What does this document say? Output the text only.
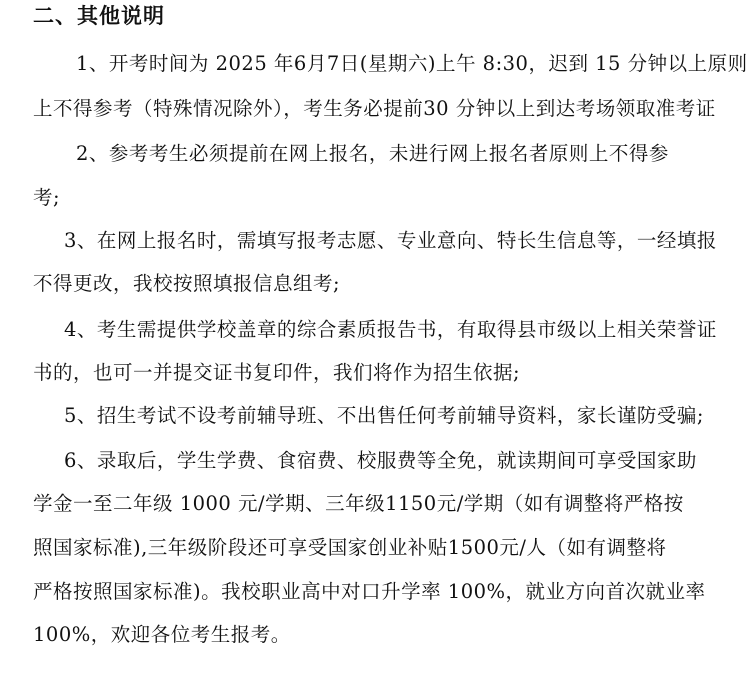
二、其他说明
1、开考时间为 2025 年6月7日(星期六)上午 8:30，迟到 15 分钟以上原则
上不得参考（特殊情况除外），考生务必提前30 分钟以上到达考场领取准考证
2、参考考生必须提前在网上报名，未进行网上报名者原则上不得参
考;
3、在网上报名时，需填写报考志愿、专业意向、特长生信息等，一经填报
不得更改，我校按照填报信息组考;
4、考生需提供学校盖章的综合素质报告书，有取得县市级以上相关荣誉证
书的，也可一并提交证书复印件，我们将作为招生依据;
5、招生考试不设考前辅导班、不出售任何考前辅导资料，家长谨防受骗;
6、录取后，学生学费、食宿费、校服费等全免，就读期间可享受国家助
学金一至二年级 1000 元/学期、三年级1150元/学期（如有调整将严格按
照国家标准),三年级阶段还可享受国家创业补贴1500元/人（如有调整将
严格按照国家标准)。我校职业高中对口升学率 100%，就业方向首次就业率
100%，欢迎各位考生报考。
